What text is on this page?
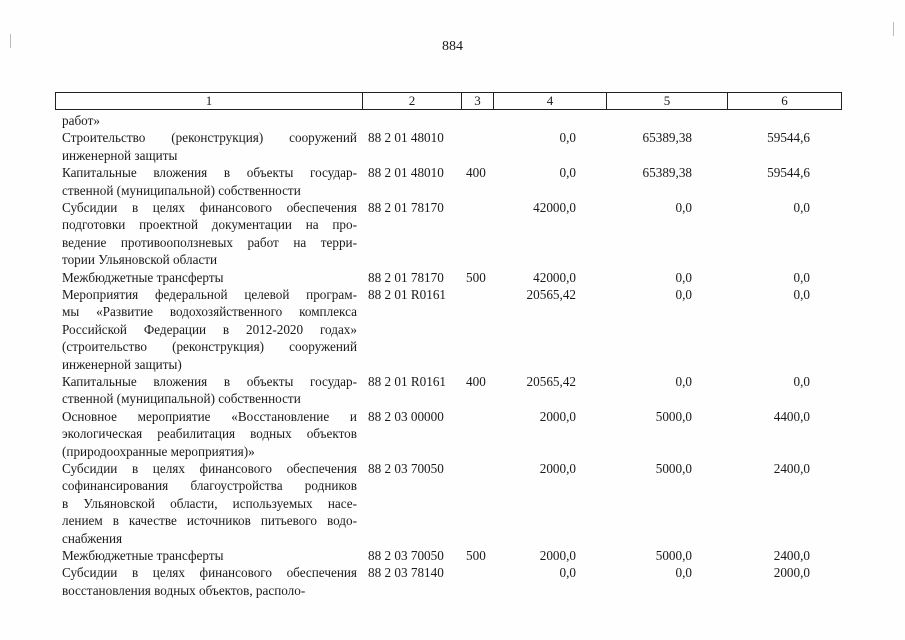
884
1	2	3	4	5	6
работ»
Строительство (реконструкция) сооружений
инженерной защиты
88 2 01 48010	0,0	65389,38	59544,6
Капитальные вложения в объекты государ-
ственной (муниципальной) собственности
88 2 01 48010 400	0,0	65389,38	59544,6
Субсидии в целях финансового обеспечения
подготовки проектной документации на про-
ведение противооползневых работ на терри-
тории Ульяновской области
88 2 01 78170	42000,0	0,0	0,0
Межбюджетные трансферты	88 2 01 78170 500	42000,0	0,0	0,0
Мероприятия федеральной целевой програм-
мы «Развитие водохозяйственного комплекса
Российской Федерации в 2012-2020 годах»
(строительство (реконструкция) сооружений
инженерной защиты)
88 2 01 R0161	20565,42	0,0	0,0
Капитальные вложения в объекты государ-
ственной (муниципальной) собственности
88 2 01 R0161 400	20565,42	0,0	0,0
Основное мероприятие «Восстановление и
экологическая реабилитация водных объектов
(природоохранные мероприятия)»
88 2 03 00000	2000,0	5000,0	4400,0
Субсидии в целях финансового обеспечения
софинансирования благоустройства родников
в Ульяновской области, используемых насе-
лением в качестве источников питьевого водо-
снабжения
88 2 03 70050	2000,0	5000,0	2400,0
Межбюджетные трансферты	88 2 03 70050 500	2000,0	5000,0	2400,0
Субсидии в целях финансового обеспечения
восстановления водных объектов, располо-
88 2 03 78140	0,0	0,0	2000,0
